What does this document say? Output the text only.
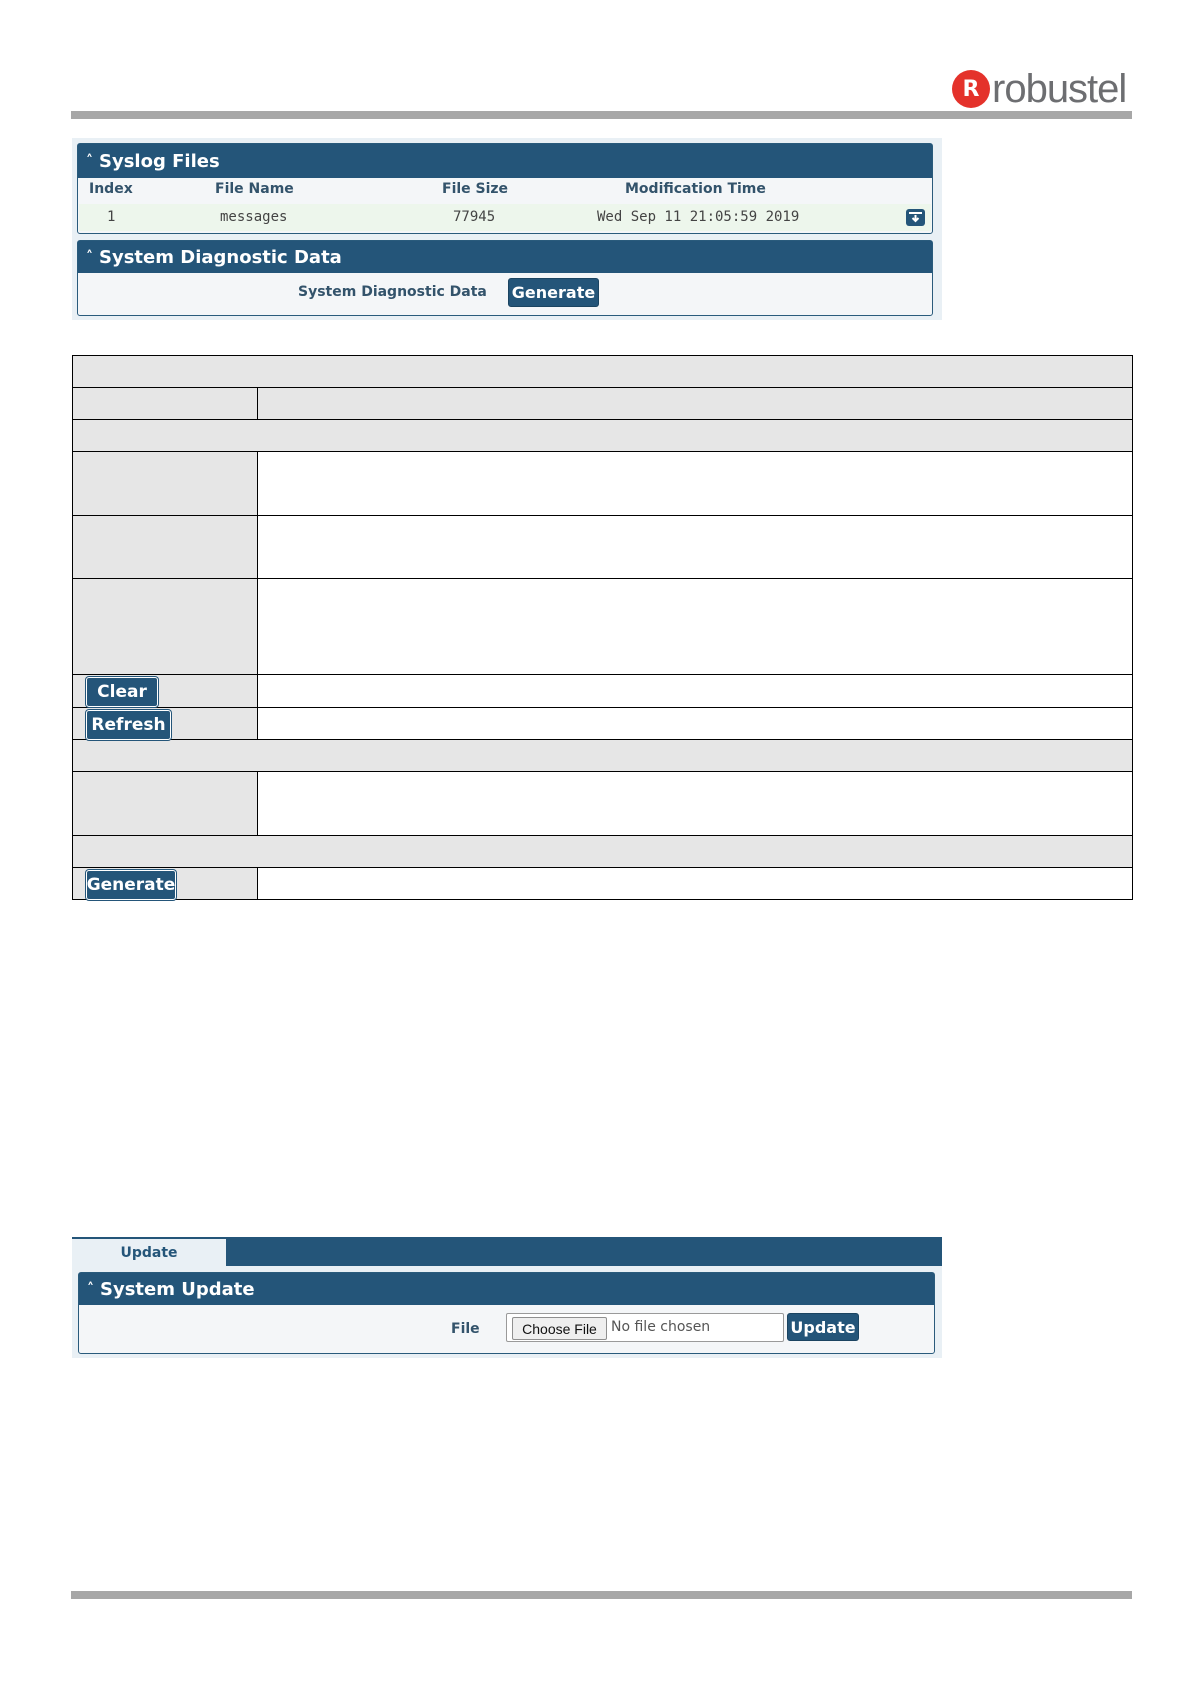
R robustel
˄ Syslog Files
Index	File Name	File Size	Modification Time
1	messages	77945	Wed Sep 11 21:05:59 2019
˄ System Diagnostic Data
System Diagnostic Data Generate
Clear
Refresh
Generate
Update
˄ System Update
File	Choose File	No file chosen	Update
